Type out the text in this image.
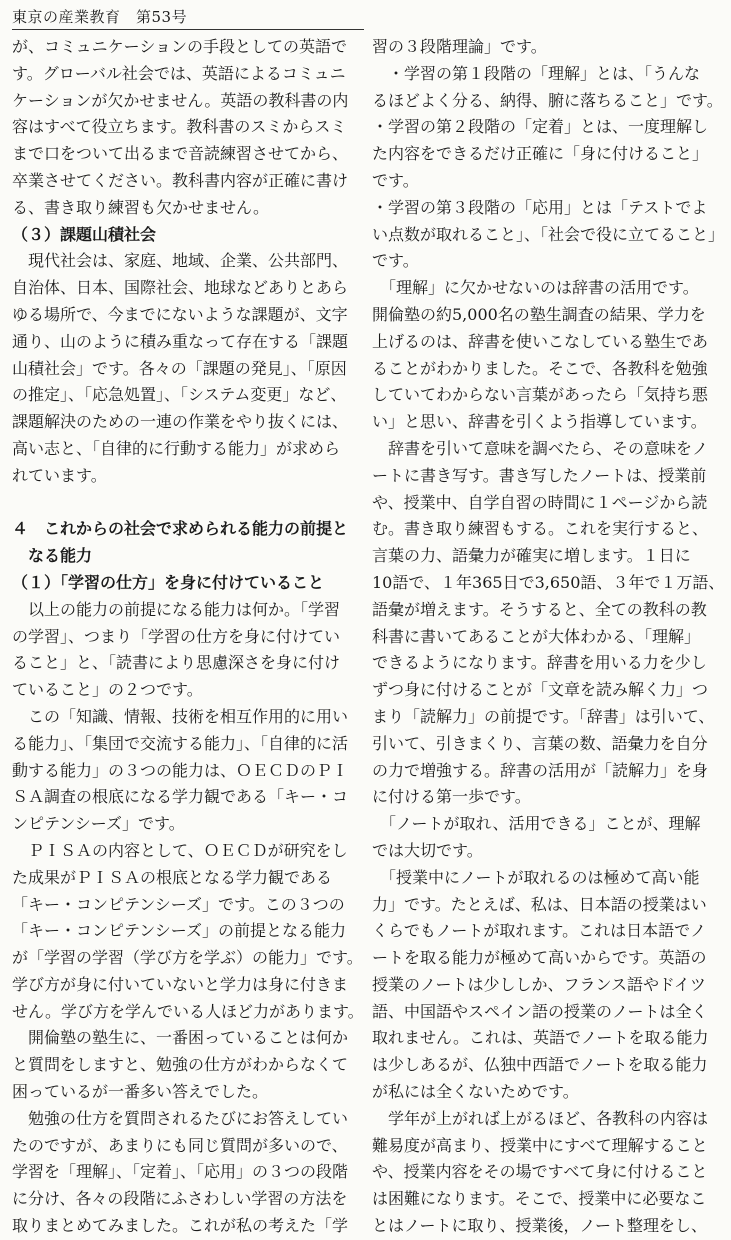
東京の産業教育　第53号
が、コミュニケーションの手段としての英語で
す。グローバル社会では、英語によるコミュニ
ケーションが欠かせません。英語の教科書の内
容はすべて役立ちます。教科書のスミからスミ
まで口をついて出るまで音読練習させてから、
卒業させてください。教科書内容が正確に書け
る、書き取り練習も欠かせません。
（３）課題山積社会
　現代社会は、家庭、地域、企業、公共部門、
自治体、日本、国際社会、地球などありとあら
ゆる場所で、今までにないような課題が、文字
通り、山のように積み重なって存在する「課題
山積社会」です。各々の「課題の発見」、「原因
の推定」、「応急処置」、「システム変更」など、
課題解決のための一連の作業をやり抜くには、
高い志と、「自律的に行動する能力」が求めら
れています。
４　これからの社会で求められる能力の前提と
　なる能力
（１）「学習の仕方」を身に付けていること
　以上の能力の前提になる能力は何か。「学習
の学習」、つまり「学習の仕方を身に付けてい
ること」と、「読書により思慮深さを身に付け
ていること」の２つです。
　この「知識、情報、技術を相互作用的に用い
る能力」、「集団で交流する能力」、「自律的に活
動する能力」の３つの能力は、ＯＥＣＤのＰＩ
ＳＡ調査の根底になる学力観である「キー・コ
ンピテンシーズ」です。
　ＰＩＳＡの内容として、ＯＥＣＤが研究をし
た成果がＰＩＳＡの根底となる学力観である
「キー・コンピテンシーズ」です。この３つの
「キー・コンピテンシーズ」の前提となる能力
が「学習の学習（学び方を学ぶ）の能力」です。
学び方が身に付いていないと学力は身に付きま
せん。学び方を学んでいる人ほど力があります。
　開倫塾の塾生に、一番困っていることは何か
と質問をしますと、勉強の仕方がわからなくて
困っているが一番多い答えでした。
　勉強の仕方を質問されるたびにお答えしてい
たのですが、あまりにも同じ質問が多いので、
学習を「理解」、「定着」、「応用」の３つの段階
に分け、各々の段階にふさわしい学習の方法を
取りまとめてみました。これが私の考えた「学
習の３段階理論」です。
　・学習の第１段階の「理解」とは、「うんな
るほどよく分る、納得、腑に落ちること」です。
・学習の第２段階の「定着」とは、一度理解し
た内容をできるだけ正確に「身に付けること」
です。
・学習の第３段階の「応用」とは「テストでよ
い点数が取れること」、「社会で役に立てること」
です。
　「理解」に欠かせないのは辞書の活用です。
開倫塾の約5,000名の塾生調査の結果、学力を
上げるのは、辞書を使いこなしている塾生であ
ることがわかりました。そこで、各教科を勉強
していてわからない言葉があったら「気持ち悪
い」と思い、辞書を引くよう指導しています。
　辞書を引いて意味を調べたら、その意味をノ
ートに書き写す。書き写したノートは、授業前
や、授業中、自学自習の時間に１ページから読
む。書き取り練習もする。これを実行すると、
言葉の力、語彙力が確実に増します。１日に
10語で、１年365日で3,650語、３年で１万語、
語彙が増えます。そうすると、全ての教科の教
科書に書いてあることが大体わかる、「理解」
できるようになります。辞書を用いる力を少し
ずつ身に付けることが「文章を読み解く力」つ
まり「読解力」の前提です。「辞書」は引いて、
引いて、引きまくり、言葉の数、語彙力を自分
の力で増強する。辞書の活用が「読解力」を身
に付ける第一歩です。
　「ノートが取れ、活用できる」ことが、理解
では大切です。
　「授業中にノートが取れるのは極めて高い能
力」です。たとえば、私は、日本語の授業はい
くらでもノートが取れます。これは日本語でノ
ートを取る能力が極めて高いからです。英語の
授業のノートは少ししか、フランス語やドイツ
語、中国語やスペイン語の授業のノートは全く
取れません。これは、英語でノートを取る能力
は少しあるが、仏独中西語でノートを取る能力
が私には全くないためです。
　学年が上がれば上がるほど、各教科の内容は
難易度が高まり、授業中にすべて理解すること
や、授業内容をその場ですべて身に付けること
は困難になります。そこで、授業中に必要なこ
とはノートに取り、授業後，ノート整理をし、
